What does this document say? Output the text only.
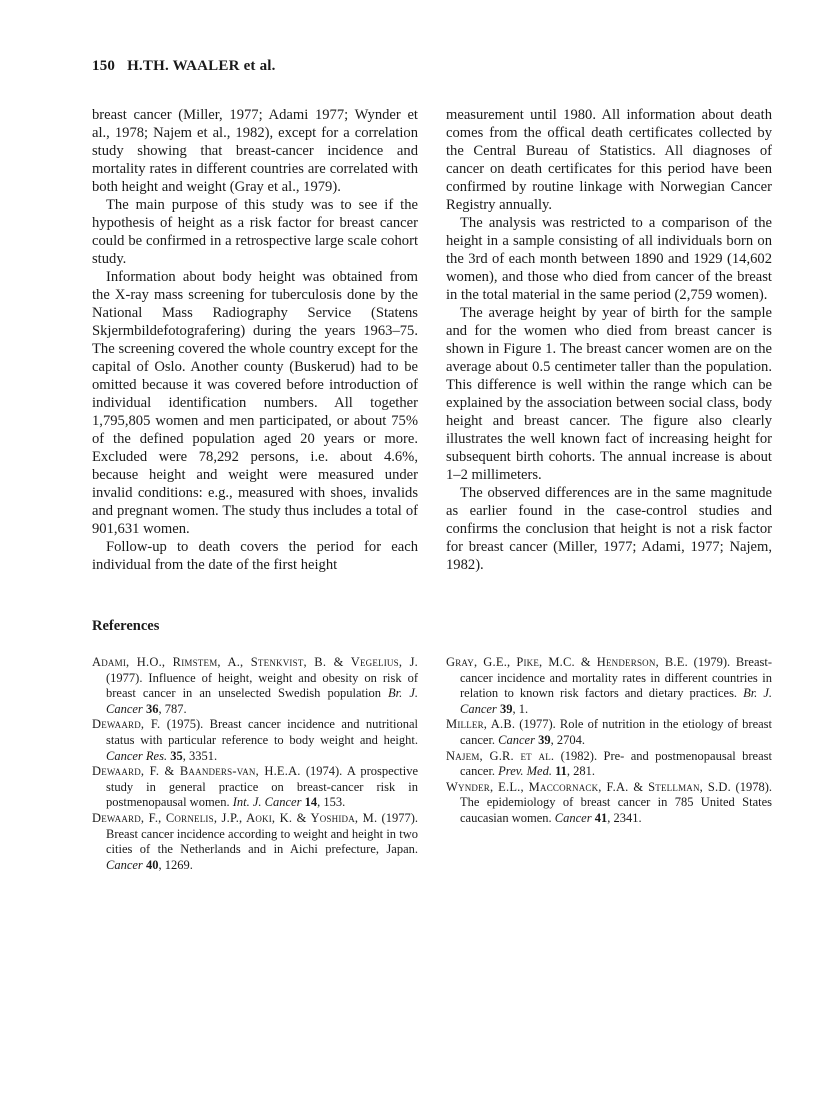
150 H.TH. WAALER et al.

breast cancer (Miller, 1977; Adami 1977; Wynder et al., 1978; Najem et al., 1982), except for a correlation study showing that breast-cancer incidence and mortality rates in different countries are correlated with both height and weight (Gray et al., 1979).

The main purpose of this study was to see if the hypothesis of height as a risk factor for breast cancer could be confirmed in a retrospective large scale cohort study.

Information about body height was obtained from the X-ray mass screening for tuberculosis done by the National Mass Radiography Service (Statens Skjermbildefotografering) during the years 1963–75. The screening covered the whole country except for the capital of Oslo. Another county (Buskerud) had to be omitted because it was covered before introduction of individual identification numbers. All together 1,795,805 women and men participated, or about 75% of the defined population aged 20 years or more. Excluded were 78,292 persons, i.e. about 4.6%, because height and weight were measured under invalid conditions: e.g., measured with shoes, invalids and pregnant women. The study thus includes a total of 901,631 women.

Follow-up to death covers the period for each individual from the date of the first height

measurement until 1980. All information about death comes from the offical death certificates collected by the Central Bureau of Statistics. All diagnoses of cancer on death certificates for this period have been confirmed by routine linkage with Norwegian Cancer Registry annually.

The analysis was restricted to a comparison of the height in a sample consisting of all individuals born on the 3rd of each month between 1890 and 1929 (14,602 women), and those who died from cancer of the breast in the total material in the same period (2,759 women).

The average height by year of birth for the sample and for the women who died from breast cancer is shown in Figure 1. The breast cancer women are on the average about 0.5 centimeter taller than the population. This difference is well within the range which can be explained by the association between social class, body height and breast cancer. The figure also clearly illustrates the well known fact of increasing height for subsequent birth cohorts. The annual increase is about 1–2 millimeters.

The observed differences are in the same magnitude as earlier found in the case-control studies and confirms the conclusion that height is not a risk factor for breast cancer (Miller, 1977; Adami, 1977; Najem, 1982).

References

Adami, H.O., Rimstem, A., Stenkvist, B. & Vegelius, J. (1977). Influence of height, weight and obesity on risk of breast cancer in an unselected Swedish population Br. J. Cancer 36, 787.

Dewaard, F. (1975). Breast cancer incidence and nutritional status with particular reference to body weight and height. Cancer Res. 35, 3351.

Dewaard, F. & Baanders-van, H.E.A. (1974). A prospective study in general practice on breast-cancer risk in postmenopausal women. Int. J. Cancer 14, 153.

Dewaard, F., Cornelis, J.P., Aoki, K. & Yoshida, M. (1977). Breast cancer incidence according to weight and height in two cities of the Netherlands and in Aichi prefecture, Japan. Cancer 40, 1269.

Gray, G.E., Pike, M.C. & Henderson, B.E. (1979). Breast-cancer incidence and mortality rates in different countries in relation to known risk factors and dietary practices. Br. J. Cancer 39, 1.

Miller, A.B. (1977). Role of nutrition in the etiology of breast cancer. Cancer 39, 2704.

Najem, G.R. et al. (1982). Pre- and postmenopausal breast cancer. Prev. Med. 11, 281.

Wynder, E.L., Maccornack, F.A. & Stellman, S.D. (1978). The epidemiology of breast cancer in 785 United States caucasian women. Cancer 41, 2341.
